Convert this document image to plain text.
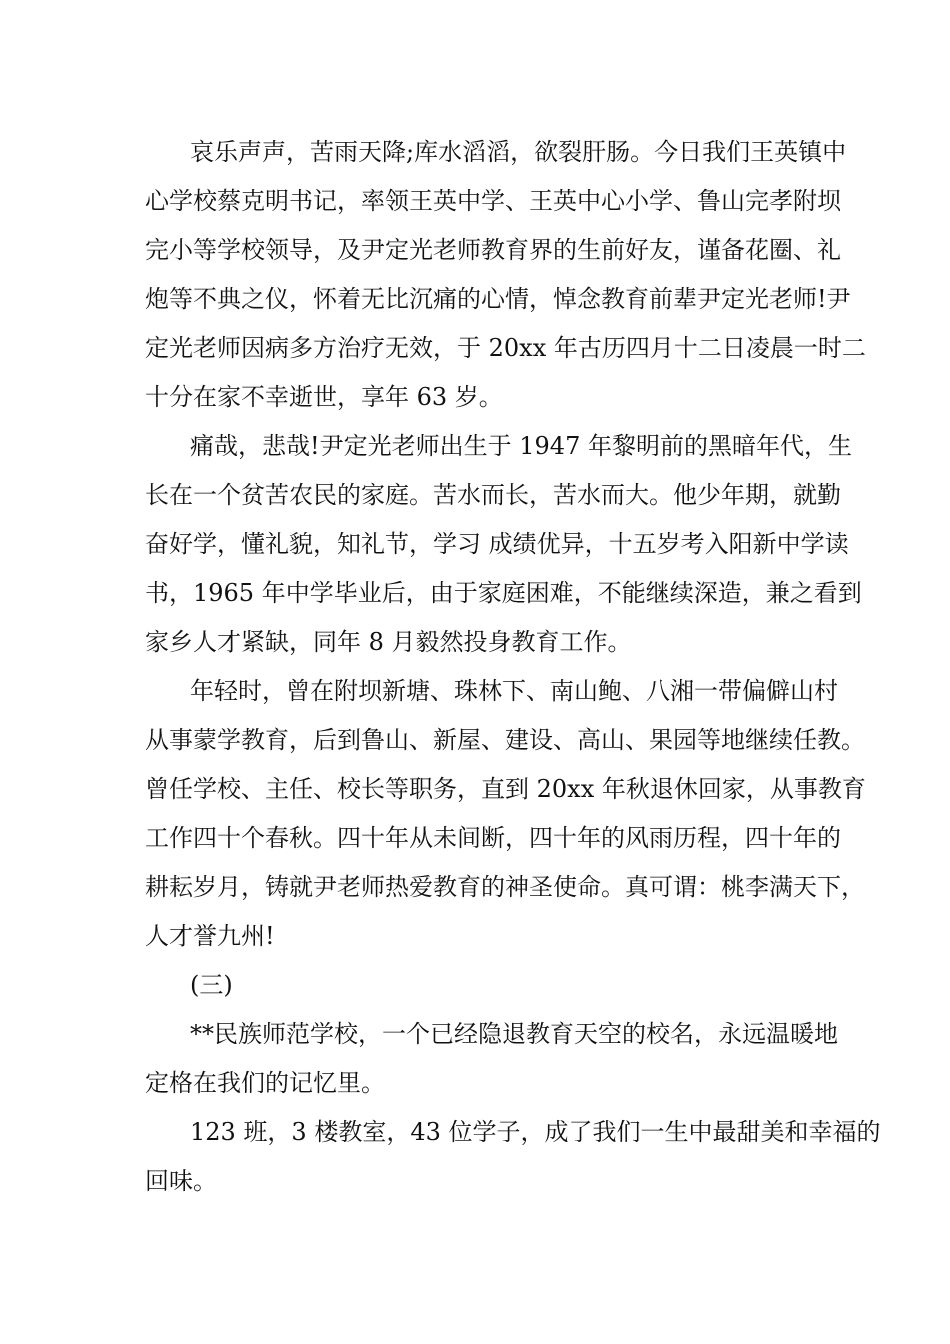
哀乐声声，苦雨天降;库水滔滔，欲裂肝肠。今日我们王英镇中
心学校蔡克明书记，率领王英中学、王英中心小学、鲁山完孝附坝
完小等学校领导，及尹定光老师教育界的生前好友，谨备花圈、礼
炮等不典之仪，怀着无比沉痛的心情，悼念教育前辈尹定光老师!尹
定光老师因病多方治疗无效，于 20xx 年古历四月十二日凌晨一时二
十分在家不幸逝世，享年 63 岁。
痛哉，悲哉!尹定光老师出生于 1947 年黎明前的黑暗年代，生
长在一个贫苦农民的家庭。苦水而长，苦水而大。他少年期，就勤
奋好学，懂礼貌，知礼节，学习 成绩优异，十五岁考入阳新中学读
书，1965 年中学毕业后，由于家庭困难，不能继续深造，兼之看到
家乡人才紧缺，同年 8 月毅然投身教育工作。
年轻时，曾在附坝新塘、珠林下、南山鲍、八湘一带偏僻山村
从事蒙学教育，后到鲁山、新屋、建设、高山、果园等地继续任教。
曾任学校、主任、校长等职务，直到 20xx 年秋退休回家，从事教育
工作四十个春秋。四十年从未间断，四十年的风雨历程，四十年的
耕耘岁月，铸就尹老师热爱教育的神圣使命。真可谓：桃李满天下，
人才誉九州!
(三)
**民族师范学校，一个已经隐退教育天空的校名，永远温暖地
定格在我们的记忆里。
123 班，3 楼教室，43 位学子，成了我们一生中最甜美和幸福的
回味。
